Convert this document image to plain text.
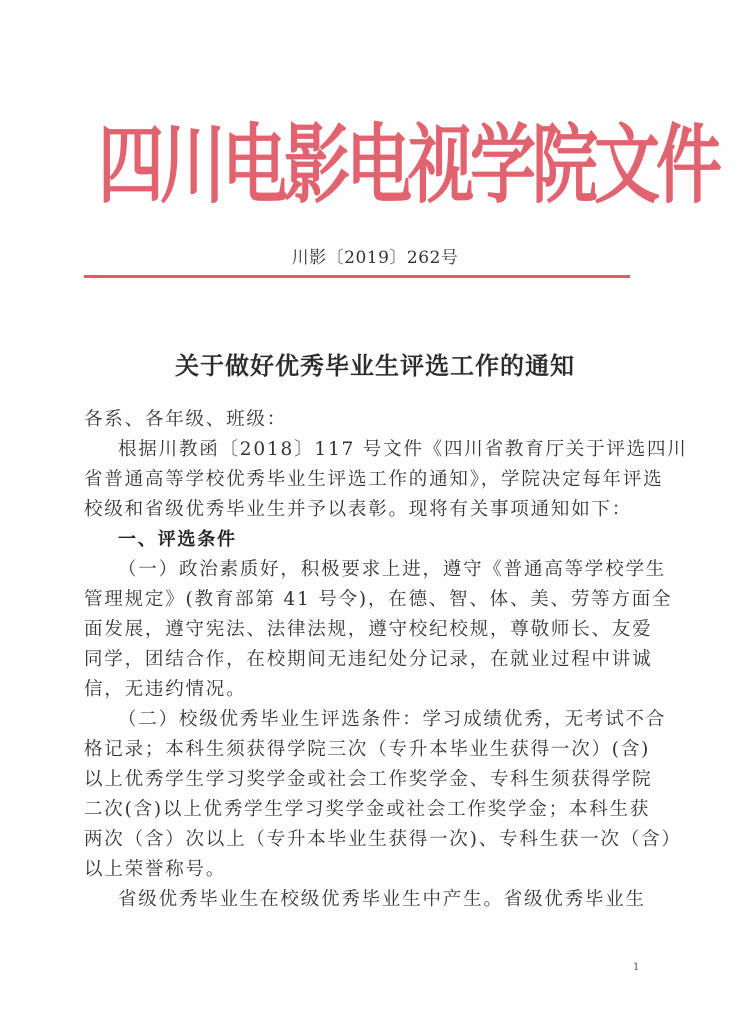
四川电影电视学院文件
川影〔2019〕262号
关于做好优秀毕业生评选工作的通知
各系、各年级、班级：
根据川教函〔2018〕117 号文件《四川省教育厅关于评选四川
省普通高等学校优秀毕业生评选工作的通知》，学院决定每年评选
校级和省级优秀毕业生并予以表彰。现将有关事项通知如下：
一、评选条件
（一）政治素质好，积极要求上进，遵守《普通高等学校学生
管理规定》(教育部第 41 号令)，在德、智、体、美、劳等方面全
面发展，遵守宪法、法律法规，遵守校纪校规，尊敬师长、友爱
同学，团结合作，在校期间无违纪处分记录，在就业过程中讲诚
信，无违约情况。
（二）校级优秀毕业生评选条件：学习成绩优秀，无考试不合
格记录；本科生须获得学院三次（专升本毕业生获得一次）(含)
以上优秀学生学习奖学金或社会工作奖学金、专科生须获得学院
二次(含)以上优秀学生学习奖学金或社会工作奖学金；本科生获
两次（含）次以上（专升本毕业生获得一次)、专科生获一次（含）
以上荣誉称号。
省级优秀毕业生在校级优秀毕业生中产生。省级优秀毕业生
1
